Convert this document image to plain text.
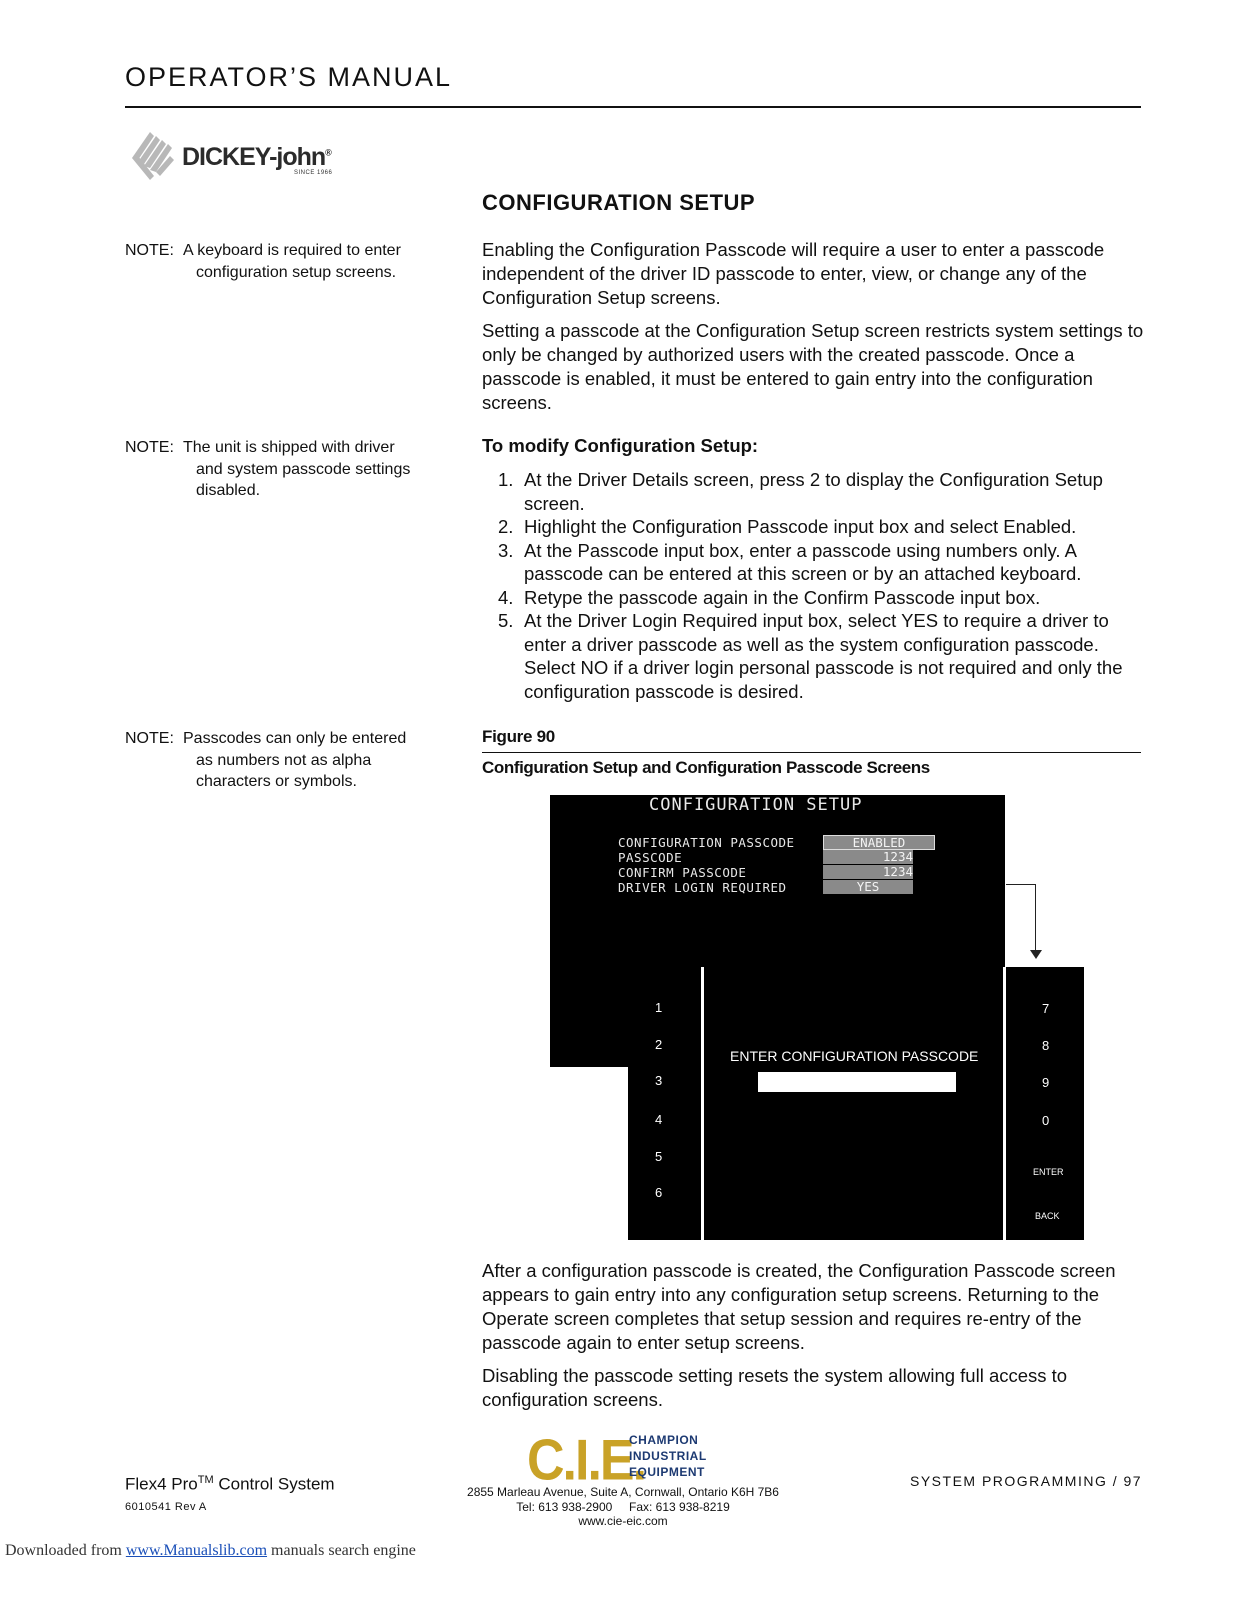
OPERATOR’S MANUAL
DICKEY-john®
SINCE 1966
CONFIGURATION SETUP
NOTE: A keyboard is required to enter
configuration setup screens.
NOTE: The unit is shipped with driver
and system passcode settings
disabled.
NOTE: Passcodes can only be entered
as numbers not as alpha
characters or symbols.

Enabling the Configuration Passcode will require a user to enter a passcode independent of the driver ID passcode to enter, view, or change any of the Configuration Setup screens.

Setting a passcode at the Configuration Setup screen restricts system settings to only be changed by authorized users with the created passcode. Once a passcode is enabled, it must be entered to gain entry into the configuration screens.

To modify Configuration Setup:
1. At the Driver Details screen, press 2 to display the Configuration Setup screen.
2. Highlight the Configuration Passcode input box and select Enabled.
3. At the Passcode input box, enter a passcode using numbers only. A passcode can be entered at this screen or by an attached keyboard.
4. Retype the passcode again in the Confirm Passcode input box.
5. At the Driver Login Required input box, select YES to require a driver to enter a driver passcode as well as the system configuration passcode. Select NO if a driver login personal passcode is not required and only the configuration passcode is desired.
Figure 90
Configuration Setup and Configuration Passcode Screens
CONFIGURATION SETUP
CONFIGURATION PASSCODE	ENABLED
PASSCODE	1234
CONFIRM PASSCODE	1234
DRIVER LOGIN REQUIRED	YES
1
2
3
4
5
6
ENTER CONFIGURATION PASSCODE
7
8
9
0
ENTER
BACK

After a configuration passcode is created, the Configuration Passcode screen appears to gain entry into any configuration setup screens. Returning to the Operate screen completes that setup session and requires re-entry of the passcode again to enter setup screens.

Disabling the passcode setting resets the system allowing full access to configuration screens.

C.I.E.
CHAMPION
INDUSTRIAL
EQUIPMENT
2855 Marleau Avenue, Suite A, Cornwall, Ontario K6H 7B6
Tel: 613 938-2900     Fax: 613 938-8219
www.cie-eic.com
Flex4 Pro™ Control System
6010541 Rev A
SYSTEM PROGRAMMING / 97
Downloaded from www.Manualslib.com manuals search engine
